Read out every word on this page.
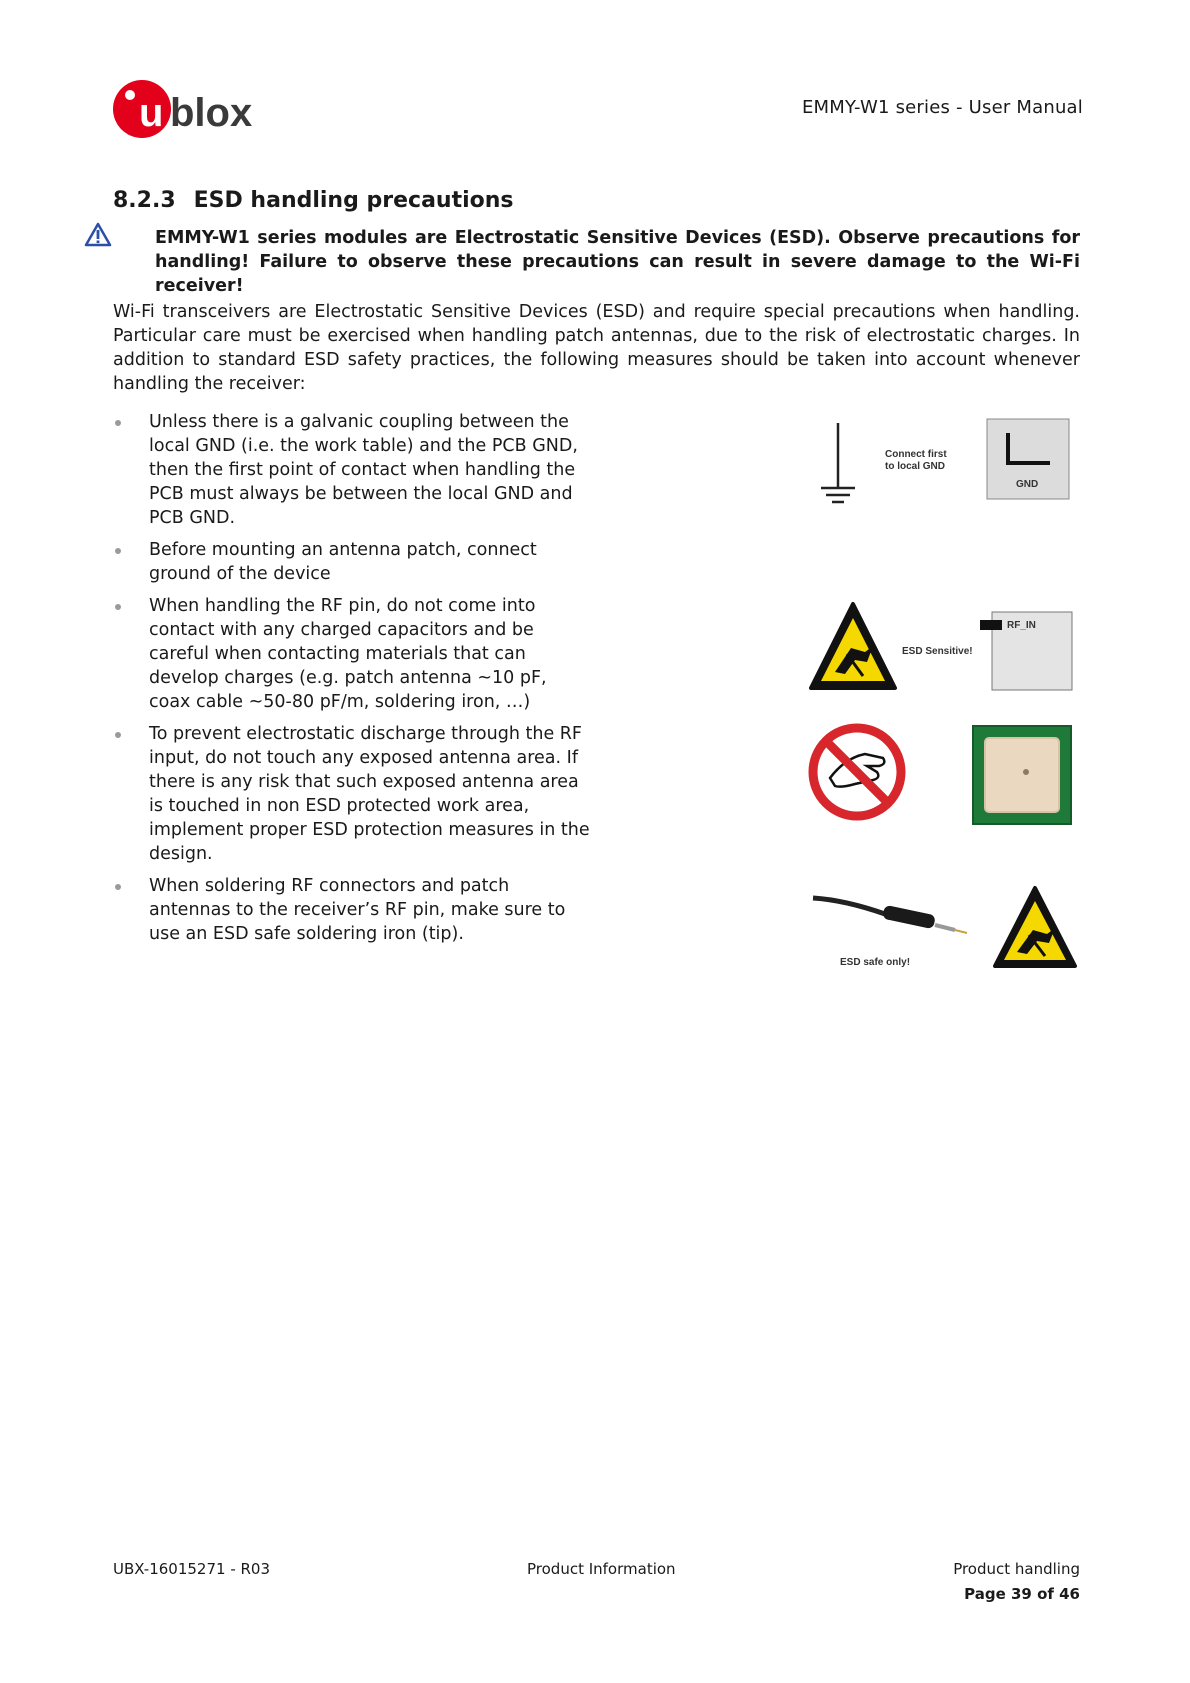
u blox	EMMY-W1 series - User Manual
8.2.3 ESD handling precautions
EMMY-W1 series modules are Electrostatic Sensitive Devices (ESD). Observe precautions for handling! Failure to observe these precautions can result in severe damage to the Wi-Fi receiver!

Wi-Fi transceivers are Electrostatic Sensitive Devices (ESD) and require special precautions when handling. Particular care must be exercised when handling patch antennas, due to the risk of electrostatic charges. In addition to standard ESD safety practices, the following measures should be taken into account whenever handling the receiver:

Unless there is a galvanic coupling between the local GND (i.e. the work table) and the PCB GND, then the first point of contact when handling the PCB must always be between the local GND and PCB GND.
Before mounting an antenna patch, connect ground of the device
When handling the RF pin, do not come into contact with any charged capacitors and be careful when contacting materials that can develop charges (e.g. patch antenna ~10 pF, coax cable ~50-80 pF/m, soldering iron, …)
To prevent electrostatic discharge through the RF input, do not touch any exposed antenna area. If there is any risk that such exposed antenna area is touched in non ESD protected work area, implement proper ESD protection measures in the design.
When soldering RF connectors and patch antennas to the receiver’s RF pin, make sure to use an ESD safe soldering iron (tip).
Connect first
to local GND
GND
ESD Sensitive!
RF_IN
ESD safe only!
UBX-16015271 - R03	Product Information	Product handling
Page 39 of 46
